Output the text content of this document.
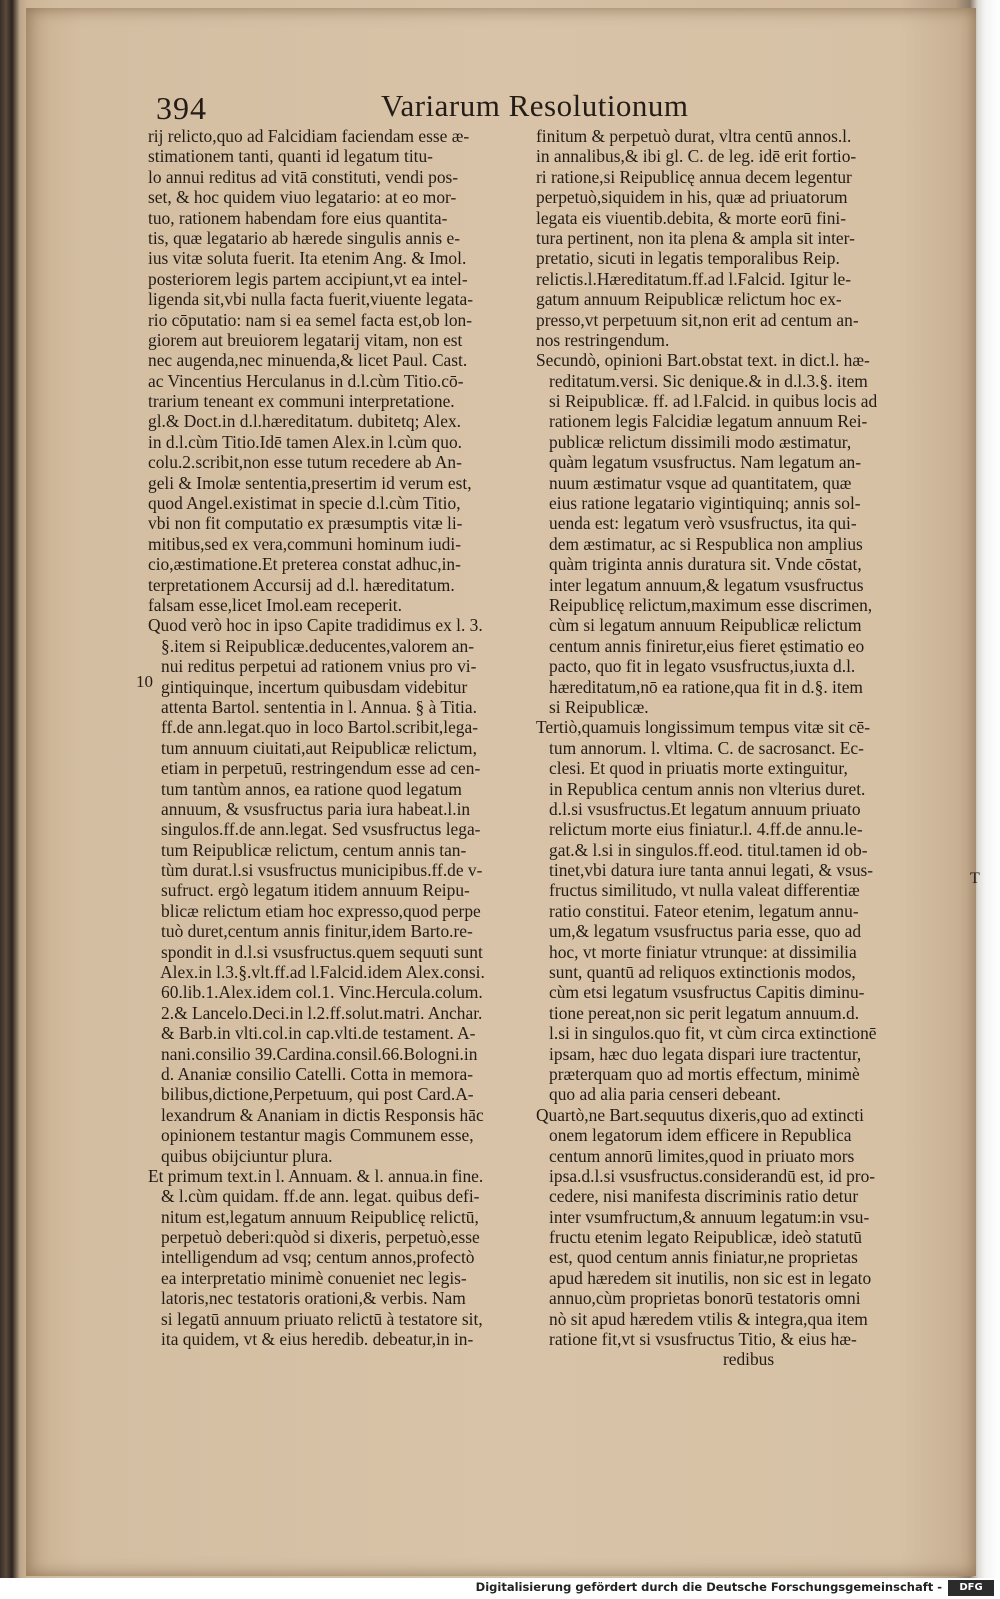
394	Variarum Resolutionum
rij relicto,quo ad Falcidiam faciendam esse æ-
stimationem tanti, quanti id legatum titu-
lo annui reditus ad vitā constituti, vendi pos-
set, & hoc quidem viuo legatario: at eo mor-
tuo, rationem habendam fore eius quantita-
tis, quæ legatario ab hærede singulis annis e-
ius vitæ soluta fuerit. Ita etenim Ang. & Imol.
posteriorem legis partem accipiunt,vt ea intel-
ligenda sit,vbi nulla facta fuerit,viuente legata-
rio cōputatio: nam si ea semel facta est,ob lon-
giorem aut breuiorem legatarij vitam, non est
nec augenda,nec minuenda,& licet Paul. Cast.
ac Vincentius Herculanus in d.l.cùm Titio.cō-
trarium teneant ex communi interpretatione.
gl.& Doct.in d.l.hæreditatum. dubitetq; Alex.
in d.l.cùm Titio.Idē tamen Alex.in l.cùm quo.
colu.2.scribit,non esse tutum recedere ab An-
geli & Imolæ sententia,presertim id verum est,
quod Angel.existimat in specie d.l.cùm Titio,
vbi non fit computatio ex præsumptis vitæ li-
mitibus,sed ex vera,communi hominum iudi-
cio,æstimatione.Et preterea constat adhuc,in-
terpretationem Accursij ad d.l. hæreditatum.
falsam esse,licet Imol.eam receperit.
Quod verò hoc in ipso Capite tradidimus ex l. 3.
§.item si Reipublicæ.deducentes,valorem an-
nui reditus perpetui ad rationem vnius pro vi-
gintiquinque, incertum quibusdam videbitur
attenta Bartol. sententia in l. Annua. § à Titia.
ff.de ann.legat.quo in loco Bartol.scribit,lega-
tum annuum ciuitati,aut Reipublicæ relictum,
etiam in perpetuū, restringendum esse ad cen-
tum tantùm annos, ea ratione quod legatum
annuum, & vsusfructus paria iura habeat.l.in
singulos.ff.de ann.legat. Sed vsusfructus lega-
tum Reipublicæ relictum, centum annis tan-
tùm durat.l.si vsusfructus municipibus.ff.de v-
sufruct. ergò legatum itidem annuum Reipu-
blicæ relictum etiam hoc expresso,quod perpe
tuò duret,centum annis finitur,idem Barto.re-
spondit in d.l.si vsusfructus.quem sequuti sunt
Alex.in l.3.§.vlt.ff.ad l.Falcid.idem Alex.consi.
60.lib.1.Alex.idem col.1. Vinc.Hercula.colum.
2.& Lancelo.Deci.in l.2.ff.solut.matri. Anchar.
& Barb.in vlti.col.in cap.vlti.de testament. A-
nani.consilio 39.Cardina.consil.66.Bologni.in
d. Ananiæ consilio Catelli. Cotta in memora-
bilibus,dictione,Perpetuum, qui post Card.A-
lexandrum & Ananiam in dictis Responsis hāc
opinionem testantur magis Communem esse,
quibus obijciuntur plura.
Et primum text.in l. Annuam. & l. annua.in fine.
& l.cùm quidam. ff.de ann. legat. quibus defi-
nitum est,legatum annuum Reipublicę relictū,
perpetuò deberi:quòd si dixeris, perpetuò,esse
intelligendum ad vsq; centum annos,profectò
ea interpretatio minimè conueniet nec legis-
latoris,nec testatoris orationi,& verbis. Nam
si legatū annuum priuato relictū à testatore sit,
ita quidem, vt & eius heredib. debeatur,in in-
finitum & perpetuò durat, vltra centū annos.l.
in annalibus,& ibi gl. C. de leg. idē erit fortio-
ri ratione,si Reipublicę annua decem legentur
perpetuò,siquidem in his, quæ ad priuatorum
legata eis viuentib.debita, & morte eorū fini-
tura pertinent, non ita plena & ampla sit inter-
pretatio, sicuti in legatis temporalibus Reip.
relictis.l.Hæreditatum.ff.ad l.Falcid. Igitur le-
gatum annuum Reipublicæ relictum hoc ex-
presso,vt perpetuum sit,non erit ad centum an-
nos restringendum.
Secundò, opinioni Bart.obstat text. in dict.l. hæ-
reditatum.versi. Sic denique.& in d.l.3.§. item
si Reipublicæ. ff. ad l.Falcid. in quibus locis ad
rationem legis Falcidiæ legatum annuum Rei-
publicæ relictum dissimili modo æstimatur,
quàm legatum vsusfructus. Nam legatum an-
nuum æstimatur vsque ad quantitatem, quæ
eius ratione legatario vigintiquinq; annis sol-
uenda est: legatum verò vsusfructus, ita qui-
dem æstimatur, ac si Respublica non amplius
quàm triginta annis duratura sit. Vnde cōstat,
inter legatum annuum,& legatum vsusfructus
Reipublicę relictum,maximum esse discrimen,
cùm si legatum annuum Reipublicæ relictum
centum annis finiretur,eius fieret ęstimatio eo
pacto, quo fit in legato vsusfructus,iuxta d.l.
hæreditatum,nō ea ratione,qua fit in d.§. item
si Reipublicæ.
Tertiò,quamuis longissimum tempus vitæ sit cē-
tum annorum. l. vltima. C. de sacrosanct. Ec-
clesi. Et quod in priuatis morte extinguitur,
in Republica centum annis non vlterius duret.
d.l.si vsusfructus.Et legatum annuum priuato
relictum morte eius finiatur.l. 4.ff.de annu.le-
gat.& l.si in singulos.ff.eod. titul.tamen id ob-
tinet,vbi datura iure tanta annui legati, & vsus-
fructus similitudo, vt nulla valeat differentiæ
ratio constitui. Fateor etenim, legatum annu-
um,& legatum vsusfructus paria esse, quo ad
hoc, vt morte finiatur vtrunque: at dissimilia
sunt, quantū ad reliquos extinctionis modos,
cùm etsi legatum vsusfructus Capitis diminu-
tione pereat,non sic perit legatum annuum.d.
l.si in singulos.quo fit, vt cùm circa extinctionē
ipsam, hæc duo legata dispari iure tractentur,
præterquam quo ad mortis effectum, minimè
quo ad alia paria censeri debeant.
Quartò,ne Bart.sequutus dixeris,quo ad extincti
onem legatorum idem efficere in Republica
centum annorū limites,quod in priuato mors
ipsa.d.l.si vsusfructus.considerandū est, id pro-
cedere, nisi manifesta discriminis ratio detur
inter vsumfructum,& annuum legatum:in vsu-
fructu etenim legato Reipublicæ, ideò statutū
est, quod centum annis finiatur,ne proprietas
apud hæredem sit inutilis, non sic est in legato
annuo,cùm proprietas bonorū testatoris omni
nò sit apud hæredem vtilis & integra,qua item
ratione fit,vt si vsusfructus Titio, & eius hæ-
redibus
10
T
Digitalisierung gefördert durch die Deutsche Forschungsgemeinschaft -	DFG
